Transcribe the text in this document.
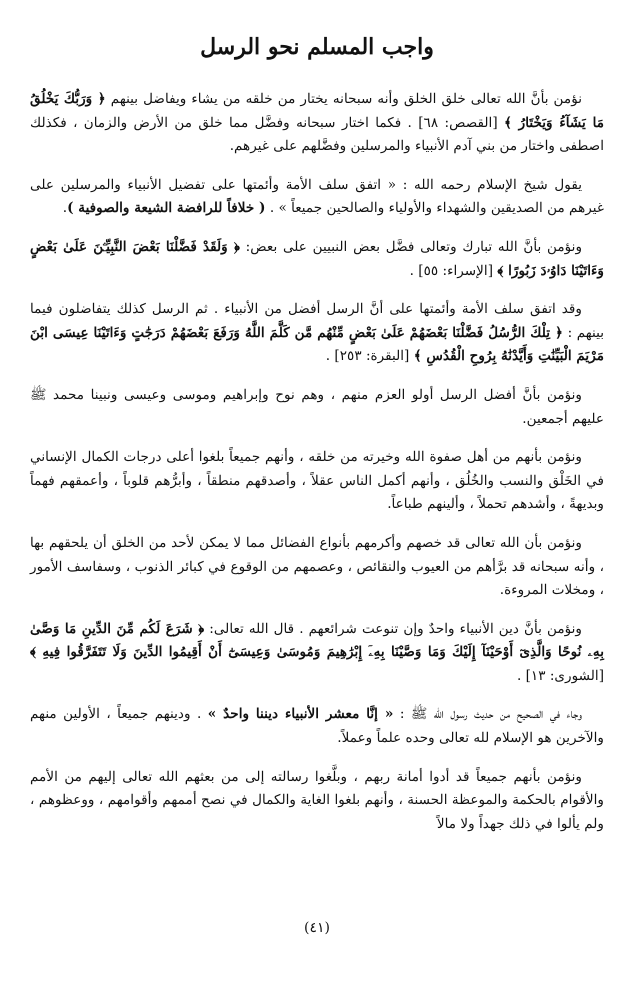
واجب المسلم نحو الرسل

نؤمن بأنَّ الله تعالى خلق الخلق وأنه سبحانه يختار من خلقه من يشاء ويفاضل بينهم ﴿ وَرَبُّكَ يَخْلُقُ مَا يَشَآءُ وَيَخْتَارُ ﴾ [القصص: ٦٨] . فكما اختار سبحانه وفضَّل مما خلق من الأرض والزمان ، فكذلك اصطفى واختار من بني آدم الأنبياء والمرسلين وفضَّلهم على غيرهم.

يقول شيخ الإسلام رحمه الله : « اتفق سلف الأمة وأئمتها على تفضيل الأنبياء والمرسلين على غيرهم من الصديقين والشهداء والأولياء والصالحين جميعاً » . ( خلافاً للرافضة الشيعة والصوفية ).

ونؤمن بأنَّ الله تبارك وتعالى فضَّل بعض النبيين على بعض: ﴿ وَلَقَدْ فَضَّلْنَا بَعْضَ النَّبِيِّـۧنَ عَلَىٰ بَعْضٍ وَءَاتَيْنَا دَاوُۥدَ زَبُورًا ﴾ [الإسراء: ٥٥] .

وقد اتفق سلف الأمة وأئمتها على أنَّ الرسل أفضل من الأنبياء . ثم الرسل كذلك يتفاضلون فيما بينهم : ﴿ تِلْكَ الرُّسُلُ فَضَّلْنَا بَعْضَهُمْ عَلَىٰ بَعْضٍ مِّنْهُم مَّن كَلَّمَ اللَّهُ وَرَفَعَ بَعْضَهُمْ دَرَجَٰتٍ وَءَاتَيْنَا عِيسَى ابْنَ مَرْيَمَ الْبَيِّنَٰتِ وَأَيَّدْنَٰهُ بِرُوحِ الْقُدُسِ ﴾ [البقرة: ٢٥٣] .

ونؤمن بأنَّ أفضل الرسل أولو العزم منهم ، وهم نوح وإبراهيم وموسى وعيسى ونبينا محمد ﷺ عليهم أجمعين.

ونؤمن بأنهم من أهل صفوة الله وخيرته من خلقه ، وأنهم جميعاً بلغوا أعلى درجات الكمال الإنساني في الخَلْق والنسب والخُلُق ، وأنهم أكمل الناس عقلاً ، وأصدقهم منطقاً ، وأبرُّهم قلوباً ، وأعمقهم فهماً وبديهةً ، وأشدهم تحملاً ، وألينهم طباعاً.

ونؤمن بأن الله تعالى قد خصهم وأكرمهم بأنواع الفضائل مما لا يمكن لأحد من الخلق أن يلحقهم بها ، وأنه سبحانه قد برَّأهم من العيوب والنقائص ، وعصمهم من الوقوع في كبائر الذنوب ، وسفاسف الأمور ، ومخلات المروءة.

ونؤمن بأنَّ دين الأنبياء واحدٌ وإن تنوعت شرائعهم . قال الله تعالى: ﴿ شَرَعَ لَكُم مِّنَ الدِّينِ مَا وَصَّىٰ بِهِۦ نُوحًا وَالَّذِىٓ أَوْحَيْنَآ إِلَيْكَ وَمَا وَصَّيْنَا بِهِۦٓ إِبْرَٰهِيمَ وَمُوسَىٰ وَعِيسَىٰٓ أَنْ أَقِيمُوا الدِّينَ وَلَا تَتَفَرَّقُوا فِيهِ ﴾ [الشورى: ١٣] .

وجاء في الصحيح من حديث رسول الله ﷺ : « إنَّا معشر الأنبياء ديننا واحدٌ » . ودينهم جميعاً ، الأولين منهم والآخرين هو الإسلام لله تعالى وحده علماً وعملاً.

ونؤمن بأنهم جميعاً قد أدوا أمانة ربهم ، وبلَّغوا رسالته إلى من بعثهم الله تعالى إليهم من الأمم والأقوام بالحكمة والموعظة الحسنة ، وأنهم بلغوا الغاية والكمال في نصح أممهم وأقوامهم ، ووعظوهم ، ولم يألوا في ذلك جهداً ولا مالاً

(٤١)
